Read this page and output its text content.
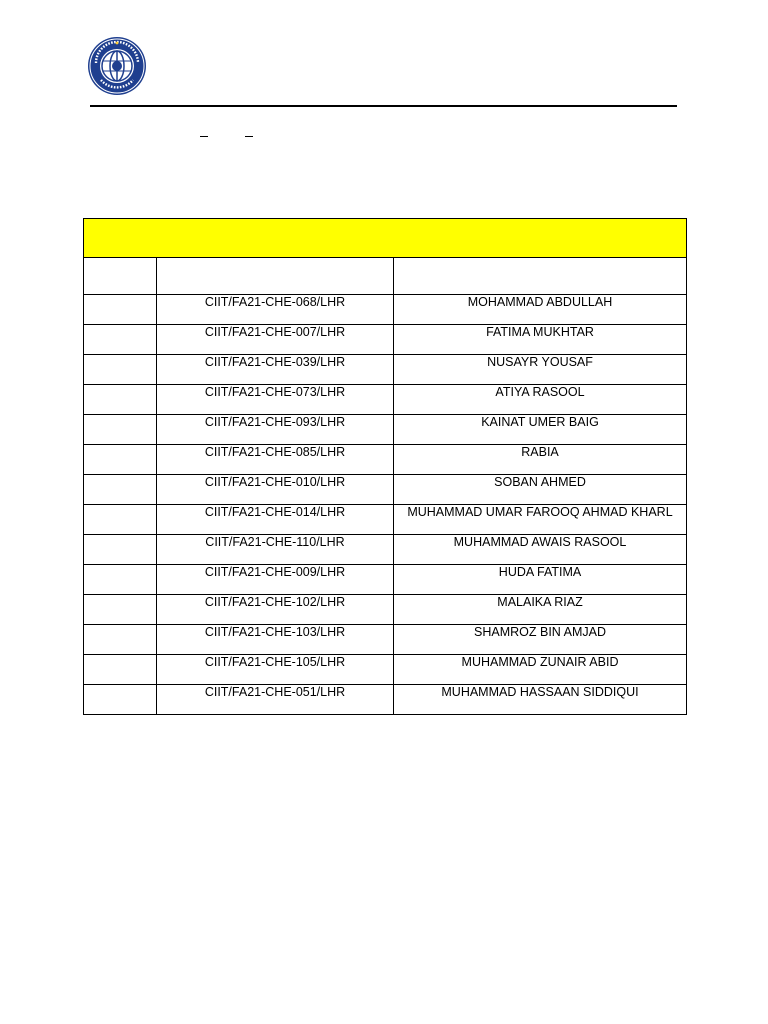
	CIIT/FA21-CHE-068/LHR	MOHAMMAD ABDULLAH
	CIIT/FA21-CHE-007/LHR	FATIMA MUKHTAR
	CIIT/FA21-CHE-039/LHR	NUSAYR YOUSAF
	CIIT/FA21-CHE-073/LHR	ATIYA RASOOL
	CIIT/FA21-CHE-093/LHR	KAINAT UMER BAIG
	CIIT/FA21-CHE-085/LHR	RABIA
	CIIT/FA21-CHE-010/LHR	SOBAN AHMED
	CIIT/FA21-CHE-014/LHR	MUHAMMAD UMAR FAROOQ AHMAD KHARL
	CIIT/FA21-CHE-110/LHR	MUHAMMAD AWAIS RASOOL
	CIIT/FA21-CHE-009/LHR	HUDA FATIMA
	CIIT/FA21-CHE-102/LHR	MALAIKA RIAZ
	CIIT/FA21-CHE-103/LHR	SHAMROZ BIN AMJAD
	CIIT/FA21-CHE-105/LHR	MUHAMMAD ZUNAIR ABID
	CIIT/FA21-CHE-051/LHR	MUHAMMAD HASSAAN SIDDIQUI
